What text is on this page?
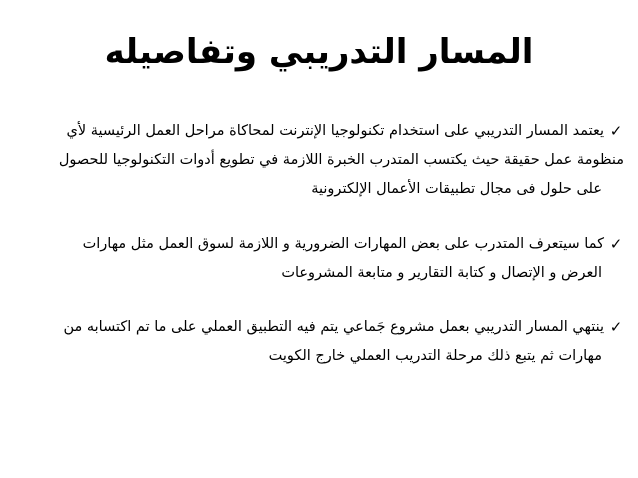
المسار التدريبي وتفاصيله
✓
يعتمد المسار التدريبي على استخدام تكنولوجيا الإنترنت لمحاكاة مراحل العمل الرئيسية لأي
منظومة عمل حقيقة حيث يكتسب المتدرب الخبرة اللازمة في تطويع أدوات التكنولوجيا للحصول
على حلول فى مجال تطبيقات الأعمال الإلكترونية
✓
كما سيتعرف المتدرب على بعض المهارات الضرورية و اللازمة لسوق العمل مثل مهارات
العرض و الإتصال و كتابة التقارير و متابعة المشروعات
✓
ينتهي المسار التدريبي بعمل مشروع جَماعي يتم فيه التطبيق العملي على ما تم اكتسابه من
مهارات ثم يتبع ذلك مرحلة التدريب العملي خارج الكويت
